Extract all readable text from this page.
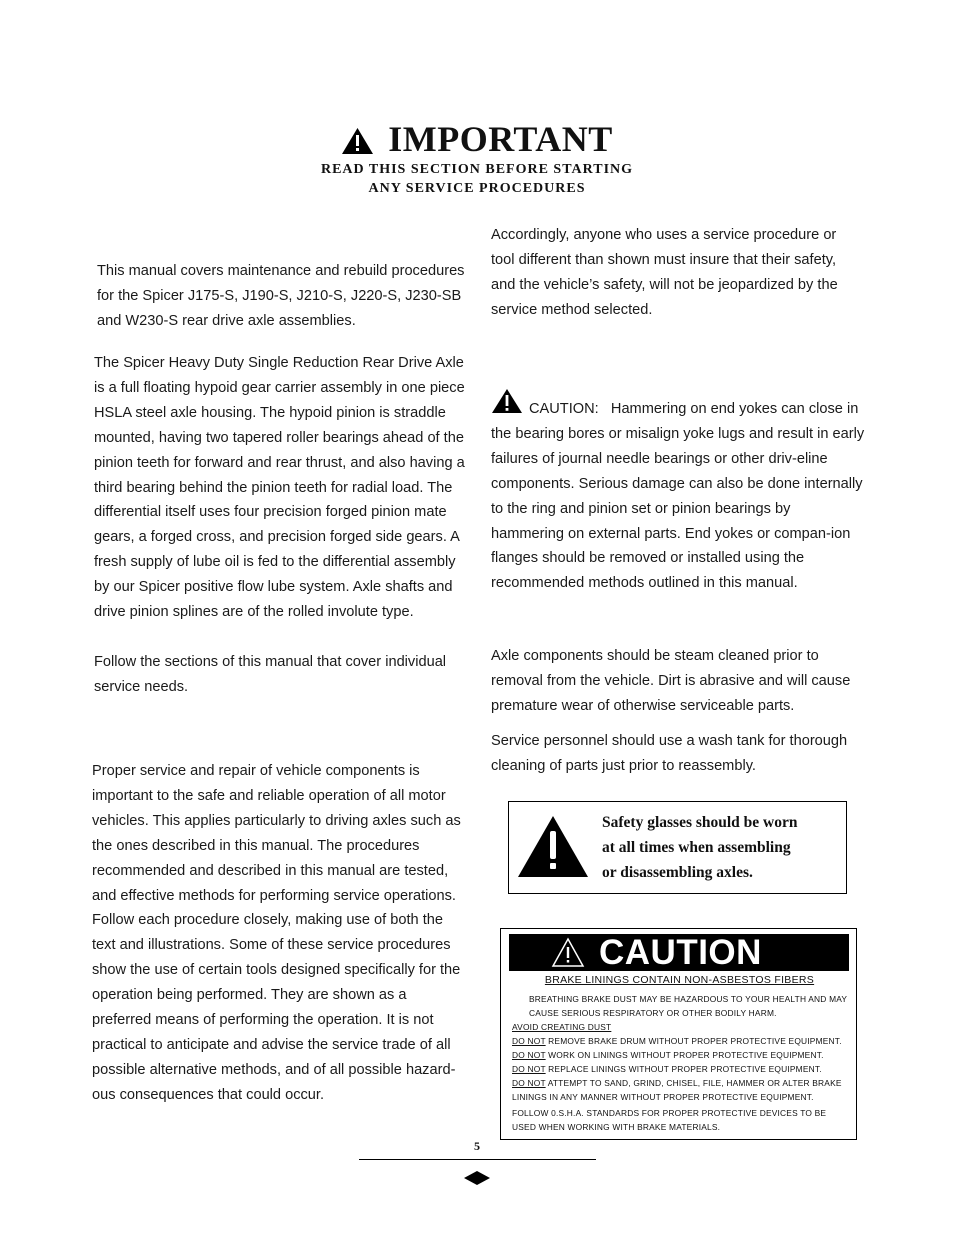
IMPORTANT
READ THIS SECTION BEFORE STARTING
ANY SERVICE PROCEDURES

This manual covers maintenance and rebuild procedures for the Spicer J175-S, J190-S, J210-S, J220-S, J230-SB and W230-S rear drive axle assemblies.

The Spicer Heavy Duty Single Reduction Rear Drive Axle is a full floating hypoid gear carrier assembly in one piece HSLA steel axle housing. The hypoid pinion is straddle mounted, having two tapered roller bearings ahead of the pinion teeth for forward and rear thrust, and also having a third bearing behind the pinion teeth for radial load. The differential itself uses four precision forged pinion mate gears, a forged cross, and precision forged side gears. A fresh supply of lube oil is fed to the differential assembly by our Spicer positive flow lube system. Axle shafts and drive pinion splines are of the rolled involute type.

Follow the sections of this manual that cover individual service needs.

Proper service and repair of vehicle components is important to the safe and reliable operation of all motor vehicles. This applies particularly to driving axles such as the ones described in this manual. The procedures recommended and described in this manual are tested, and effective methods for performing service operations. Follow each procedure closely, making use of both the text and illustrations. Some of these service procedures show the use of certain tools designed specifically for the operation being performed. They are shown as a preferred means of performing the operation. It is not practical to anticipate and advise the service trade of all possible alternative methods, and of all possible hazard-ous consequences that could occur.

Accordingly, anyone who uses a service procedure or tool different than shown must insure that their safety, and the vehicle’s safety, will not be jeopardized by the service method selected.

CAUTION: Hammering on end yokes can close in the bearing bores or misalign yoke lugs and result in early failures of journal needle bearings or other driv-eline components. Serious damage can also be done internally to the ring and pinion set or pinion bearings by hammering on external parts. End yokes or compan-ion flanges should be removed or installed using the recommended methods outlined in this manual.

Axle components should be steam cleaned prior to removal from the vehicle. Dirt is abrasive and will cause premature wear of otherwise serviceable parts.

Service personnel should use a wash tank for thorough cleaning of parts just prior to reassembly.

Safety glasses should be worn
at all times when assembling
or disassembling axles.
CAUTION
BRAKE LININGS CONTAIN NON-ASBESTOS FIBERS

BREATHING BRAKE DUST MAY BE HAZARDOUS TO YOUR HEALTH AND MAY CAUSE SERIOUS RESPIRATORY OR OTHER BODILY HARM.

AVOID CREATING DUST

DO NOT REMOVE BRAKE DRUM WITHOUT PROPER PROTECTIVE EQUIPMENT.

DO NOT WORK ON LININGS WITHOUT PROPER PROTECTIVE EQUIPMENT.

DO NOT REPLACE LININGS WITHOUT PROPER PROTECTIVE EQUIPMENT.

DO NOT ATTEMPT TO SAND, GRIND, CHISEL, FILE, HAMMER OR ALTER BRAKE LININGS IN ANY MANNER WITHOUT PROPER PROTECTIVE EQUIPMENT.

FOLLOW 0.S.H.A. STANDARDS FOR PROPER PROTECTIVE DEVICES TO BE USED WHEN WORKING WITH BRAKE MATERIALS.

5
